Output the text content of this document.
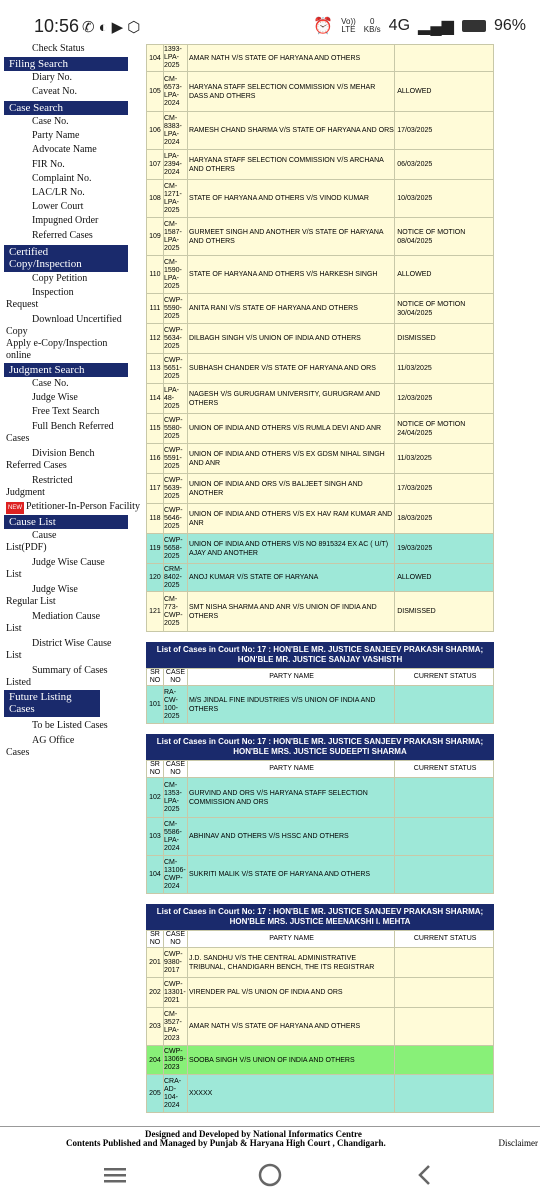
10:56 ✆◐▶⬡	⏰ Vo))
LTE
0
KB/s 4G ▂▄▆	96%
Check Status
Filing Search
Diary No.
Caveat No.
Case Search
Case No.
Party Name
Advocate Name
FIR No.
Complaint No.
LAC/LR No.
Lower Court
Impugned Order
Referred Cases
Certified Copy/Inspection
Copy Petition
Inspection Request
Download Uncertified Copy
Apply e-Copy/Inspection online
Judgment Search
Case No.
Judge Wise
Free Text Search
Full Bench Referred Cases
Division Bench Referred Cases
Restricted Judgment
NEW Petitioner-In-Person Facility
Cause List
Cause List(PDF)
Judge Wise Cause List
Judge Wise Regular List
Mediation Cause List
District Wise Cause List
Summary of Cases Listed
Future Listing Cases
To be Listed Cases
AG Office Cases
104	1393-
LPA-
2025	AMAR NATH V/S STATE OF HARYANA AND OTHERS	
105	CM-
6573-
LPA-
2024	HARYANA STAFF SELECTION COMMISSION V/S MEHAR DASS AND OTHERS	ALLOWED
106	CM-
8383-
LPA-
2024	RAMESH CHAND SHARMA V/S STATE OF HARYANA AND ORS	17/03/2025
107	LPA-
2394-
2024	HARYANA STAFF SELECTION COMMISSION V/S ARCHANA AND OTHERS	06/03/2025
108	CM-
1271-
LPA-
2025	STATE OF HARYANA AND OTHERS V/S VINOD KUMAR	10/03/2025
109	CM-
1587-
LPA-
2025	GURMEET SINGH AND ANOTHER V/S STATE OF HARYANA AND OTHERS	NOTICE OF MOTION 08/04/2025
110	CM-
1590-
LPA-
2025	STATE OF HARYANA AND OTHERS V/S HARKESH SINGH	ALLOWED
111	CWP-
5590-
2025	ANITA RANI V/S STATE OF HARYANA AND OTHERS	NOTICE OF MOTION 30/04/2025
112	CWP-
5634-
2025	DILBAGH SINGH V/S UNION OF INDIA AND OTHERS	DISMISSED
113	CWP-
5651-
2025	SUBHASH CHANDER V/S STATE OF HARYANA AND ORS	11/03/2025
114	LPA-
48-
2025	NAGESH V/S GURUGRAM UNIVERSITY, GURUGRAM AND OTHERS	12/03/2025
115	CWP-
5580-
2025	UNION OF INDIA AND OTHERS V/S RUMLA DEVI AND ANR	NOTICE OF MOTION 24/04/2025
116	CWP-
5591-
2025	UNION OF INDIA AND OTHERS V/S EX GDSM NIHAL SINGH AND ANR	11/03/2025
117	CWP-
5639-
2025	UNION OF INDIA AND ORS V/S BALJEET SINGH AND ANOTHER	17/03/2025
118	CWP-
5646-
2025	UNION OF INDIA AND OTHERS V/S EX HAV RAM KUMAR AND ANR	18/03/2025
119	CWP-
5658-
2025	UNION OF INDIA AND OTHERS V/S NO 8915324 EX AC ( U/T) AJAY AND ANOTHER	19/03/2025
120	CRM-
8402-
2025	ANOJ KUMAR V/S STATE OF HARYANA	ALLOWED
121	CM-
773-
CWP-
2025	SMT NISHA SHARMA AND ANR V/S UNION OF INDIA AND OTHERS	DISMISSED
List of Cases in Court No: 17 : HON'BLE MR. JUSTICE SANJEEV PRAKASH SHARMA; HON'BLE MR. JUSTICE SANJAY VASHISTH
SR NO	CASE NO	PARTY NAME	CURRENT STATUS
101	RA-
CW-
100-
2025	M/S JINDAL FINE INDUSTRIES V/S UNION OF INDIA AND OTHERS	
List of Cases in Court No: 17 : HON'BLE MR. JUSTICE SANJEEV PRAKASH SHARMA; HON'BLE MRS. JUSTICE SUDEEPTI SHARMA
SR NO	CASE NO	PARTY NAME	CURRENT STATUS
102	CM-
1353-
LPA-
2025	GURVIND AND ORS V/S HARYANA STAFF SELECTION COMMISSION AND ORS	
103	CM-
5586-
LPA-
2024	ABHINAV AND OTHERS V/S HSSC AND OTHERS	
104	CM-
13106-
CWP-
2024	SUKRITI MALIK V/S STATE OF HARYANA AND OTHERS	
List of Cases in Court No: 17 : HON'BLE MR. JUSTICE SANJEEV PRAKASH SHARMA; HON'BLE MRS. JUSTICE MEENAKSHI I. MEHTA
SR NO	CASE NO	PARTY NAME	CURRENT STATUS
201	CWP-
9380-
2017	J.D. SANDHU V/S THE CENTRAL ADMINISTRATIVE TRIBUNAL, CHANDIGARH BENCH, THE ITS REGISTRAR	
202	CWP-
13301-
2021	VIRENDER PAL V/S UNION OF INDIA AND ORS	
203	CM-
3527-
LPA-
2023	AMAR NATH V/S STATE OF HARYANA AND OTHERS	
204	CWP-
13069-
2023	SOOBA SINGH V/S UNION OF INDIA AND OTHERS	
205	CRA-
AD-
104-
2024	XXXXX	
Designed and Developed by National Informatics Centre
Contents Published and Managed by Punjab & Haryana High Court , Chandigarh.	Disclaimer
